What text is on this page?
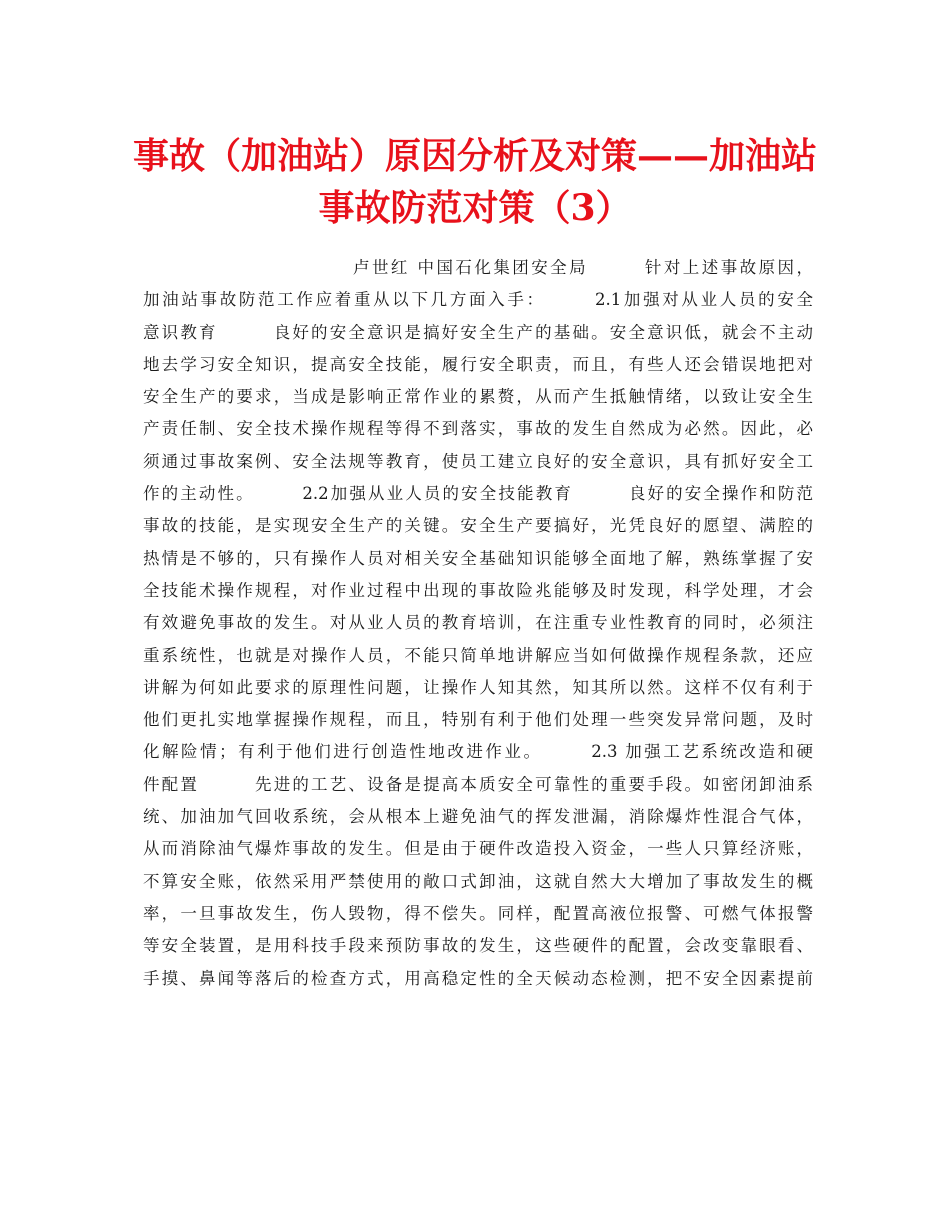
事故（加油站）原因分析及对策——加油站
事故防范对策（3）
卢世红 中国石化集团安全局　　　针对上述事故原因，
加油站事故防范工作应着重从以下几方面入手：　　　2.1加强对从业人员的安全
意识教育　　　良好的安全意识是搞好安全生产的基础。安全意识低，就会不主动
地去学习安全知识，提高安全技能，履行安全职责，而且，有些人还会错误地把对
安全生产的要求，当成是影响正常作业的累赘，从而产生抵触情绪，以致让安全生
产责任制、安全技术操作规程等得不到落实，事故的发生自然成为必然。因此，必
须通过事故案例、安全法规等教育，使员工建立良好的安全意识，具有抓好安全工
作的主动性。　　　2.2加强从业人员的安全技能教育　　　良好的安全操作和防范
事故的技能，是实现安全生产的关键。安全生产要搞好，光凭良好的愿望、满腔的
热情是不够的，只有操作人员对相关安全基础知识能够全面地了解，熟练掌握了安
全技能术操作规程，对作业过程中出现的事故险兆能够及时发现，科学处理，才会
有效避免事故的发生。对从业人员的教育培训，在注重专业性教育的同时，必须注
重系统性，也就是对操作人员，不能只简单地讲解应当如何做操作规程条款，还应
讲解为何如此要求的原理性问题，让操作人知其然，知其所以然。这样不仅有利于
他们更扎实地掌握操作规程，而且，特别有利于他们处理一些突发异常问题，及时
化解险情；有利于他们进行创造性地改进作业。　　　2.3 加强工艺系统改造和硬
件配置　　　先进的工艺、设备是提高本质安全可靠性的重要手段。如密闭卸油系
统、加油加气回收系统，会从根本上避免油气的挥发泄漏，消除爆炸性混合气体，
从而消除油气爆炸事故的发生。但是由于硬件改造投入资金，一些人只算经济账，
不算安全账，依然采用严禁使用的敞口式卸油，这就自然大大增加了事故发生的概
率，一旦事故发生，伤人毁物，得不偿失。同样，配置高液位报警、可燃气体报警
等安全装置，是用科技手段来预防事故的发生，这些硬件的配置，会改变靠眼看、
手摸、鼻闻等落后的检查方式，用高稳定性的全天候动态检测，把不安全因素提前
